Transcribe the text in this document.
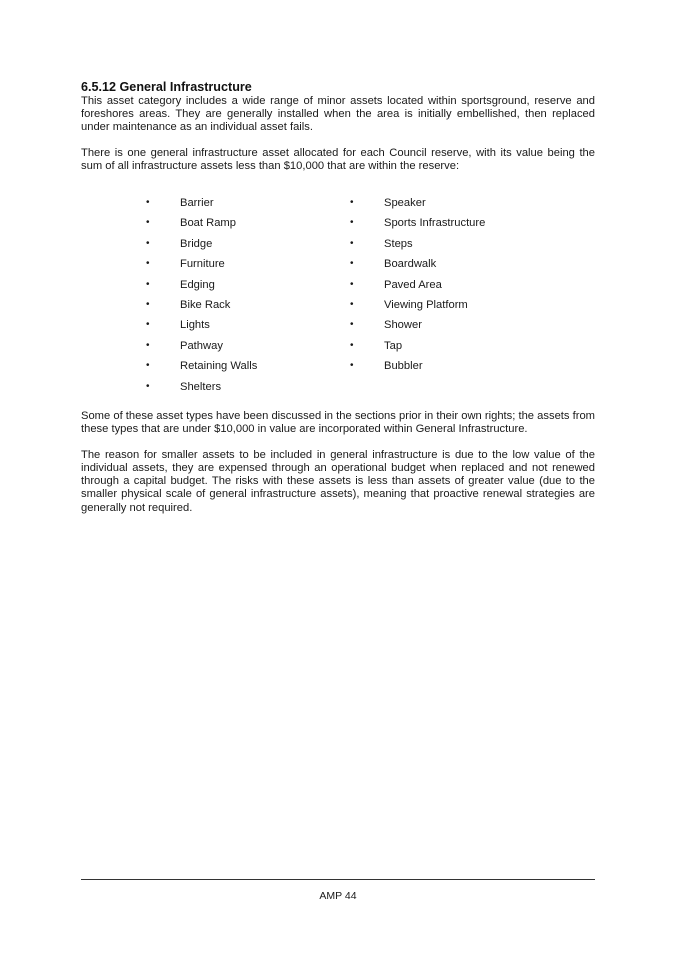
6.5.12 General Infrastructure

This asset category includes a wide range of minor assets located within sportsground, reserve and foreshores areas. They are generally installed when the area is initially embellished, then replaced under maintenance as an individual asset fails.

There is one general infrastructure asset allocated for each Council reserve, with its value being the sum of all infrastructure assets less than $10,000 that are within the reserve:

•	Barrier
•	Boat Ramp
•	Bridge
•	Furniture
•	Edging
•	Bike Rack
•	Lights
•	Pathway
•	Retaining Walls
•	Shelters
•	Speaker
•	Sports Infrastructure
•	Steps
•	Boardwalk
•	Paved Area
•	Viewing Platform
•	Shower
•	Tap
•	Bubbler

Some of these asset types have been discussed in the sections prior in their own rights; the assets from these types that are under $10,000 in value are incorporated within General Infrastructure.

The reason for smaller assets to be included in general infrastructure is due to the low value of the individual assets, they are expensed through an operational budget when replaced and not renewed through a capital budget. The risks with these assets is less than assets of greater value (due to the smaller physical scale of general infrastructure assets), meaning that proactive renewal strategies are generally not required.

AMP 44
